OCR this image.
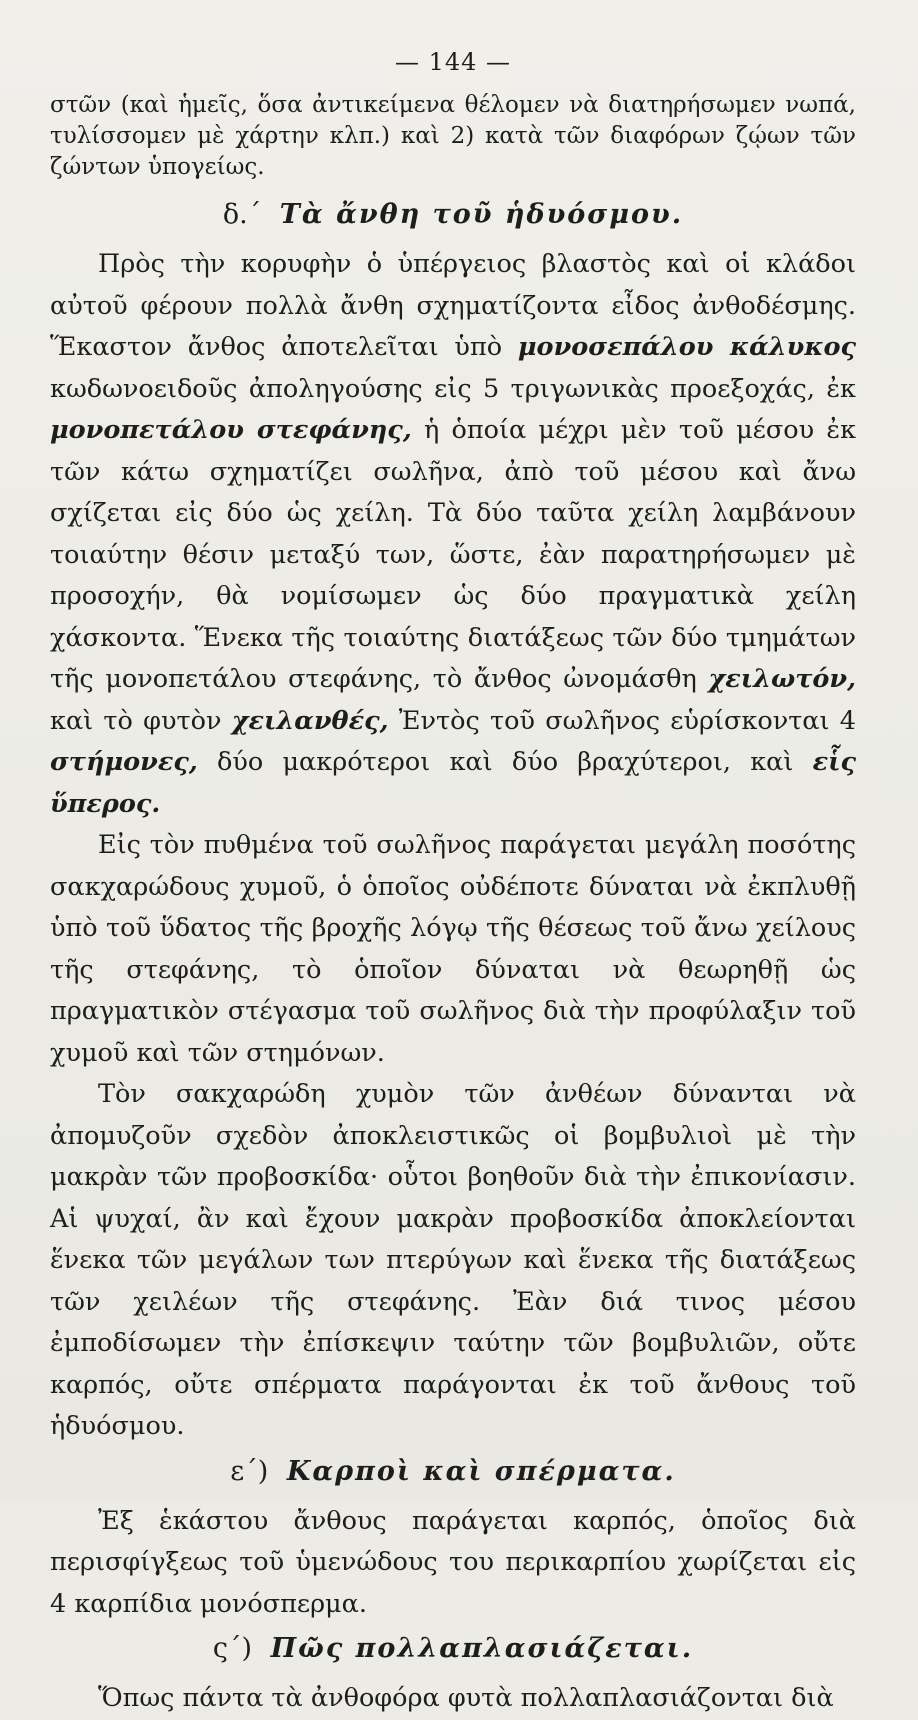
— 144 —

στῶν (καὶ ἡμεῖς, ὅσα ἀντικείμενα θέλομεν νὰ διατηρήσωμεν νωπά, τυλίσσομεν μὲ χάρτην κλπ.) καὶ 2) κατὰ τῶν διαφόρων ζῴων τῶν ζώντων ὑπογείως.

δ.΄ Τὰ ἄνθη τοῦ ἡδυόσμου.

Πρὸς τὴν κορυφὴν ὁ ὑπέργειος βλαστὸς καὶ οἱ κλάδοι αὐτοῦ φέρουν πολλὰ ἄνθη σχηματίζοντα εἶδος ἀνθοδέσμης. Ἕκαστον ἄνθος ἀποτελεῖται ὑπὸ μονοσεπάλου κάλυκος κωδωνοειδοῦς ἀποληγούσης εἰς 5 τριγωνικὰς προεξοχάς, ἐκ μονοπετάλου στεφάνης, ἡ ὁποία μέχρι μὲν τοῦ μέσου ἐκ τῶν κάτω σχηματίζει σωλῆνα, ἀπὸ τοῦ μέσου καὶ ἄνω σχίζεται εἰς δύο ὡς χείλη. Τὰ δύο ταῦτα χείλη λαμβάνουν τοιαύτην θέσιν μεταξύ των, ὥστε, ἐὰν παρατηρήσωμεν μὲ προσοχήν, θὰ νομίσωμεν ὡς δύο πραγματικὰ χείλη χάσκοντα. Ἕνεκα τῆς τοιαύτης διατάξεως τῶν δύο τμημάτων τῆς μονοπετάλου στεφάνης, τὸ ἄνθος ὠνομάσθη χειλωτόν, καὶ τὸ φυτὸν χειλανθές, Ἐντὸς τοῦ σωλῆνος εὑρίσκονται 4 στήμονες, δύο μακρότεροι καὶ δύο βραχύτεροι, καὶ εἷς ὕπερος.

Εἰς τὸν πυθμένα τοῦ σωλῆνος παράγεται μεγάλη ποσότης σακχαρώδους χυμοῦ, ὁ ὁποῖος οὐδέποτε δύναται νὰ ἐκπλυθῇ ὑπὸ τοῦ ὕδατος τῆς βροχῆς λόγῳ τῆς θέσεως τοῦ ἄνω χείλους τῆς στεφάνης, τὸ ὁποῖον δύναται νὰ θεωρηθῇ ὡς πραγματικὸν στέγασμα τοῦ σωλῆνος διὰ τὴν προφύλαξιν τοῦ χυμοῦ καὶ τῶν στημόνων.

Τὸν σακχαρώδη χυμὸν τῶν ἀνθέων δύνανται νὰ ἀπομυζοῦν σχεδὸν ἀποκλειστικῶς οἱ βομβυλιοὶ μὲ τὴν μακρὰν τῶν προβοσκίδα· οὗτοι βοηθοῦν διὰ τὴν ἐπικονίασιν. Αἱ ψυχαί, ἂν καὶ ἔχουν μακρὰν προβοσκίδα ἀποκλείονται ἕνεκα τῶν μεγάλων των πτερύγων καὶ ἕνεκα τῆς διατάξεως τῶν χειλέων τῆς στεφάνης. Ἐὰν διά τινος μέσου ἐμποδίσωμεν τὴν ἐπίσκεψιν ταύτην τῶν βομβυλιῶν, οὔτε καρπός, οὔτε σπέρματα παράγονται ἐκ τοῦ ἄνθους τοῦ ἡδυόσμου.

ε΄) Καρποὶ καὶ σπέρματα.

Ἐξ ἑκάστου ἄνθους παράγεται καρπός, ὁποῖος διὰ περισφίγξεως τοῦ ὑμενώδους του περικαρπίου χωρίζεται εἰς 4 καρπίδια μονόσπερμα.

ς΄) Πῶς πολλαπλασιάζεται.

Ὅπως πάντα τὰ ἀνθοφόρα φυτὰ πολλαπλασιάζονται διὰ
